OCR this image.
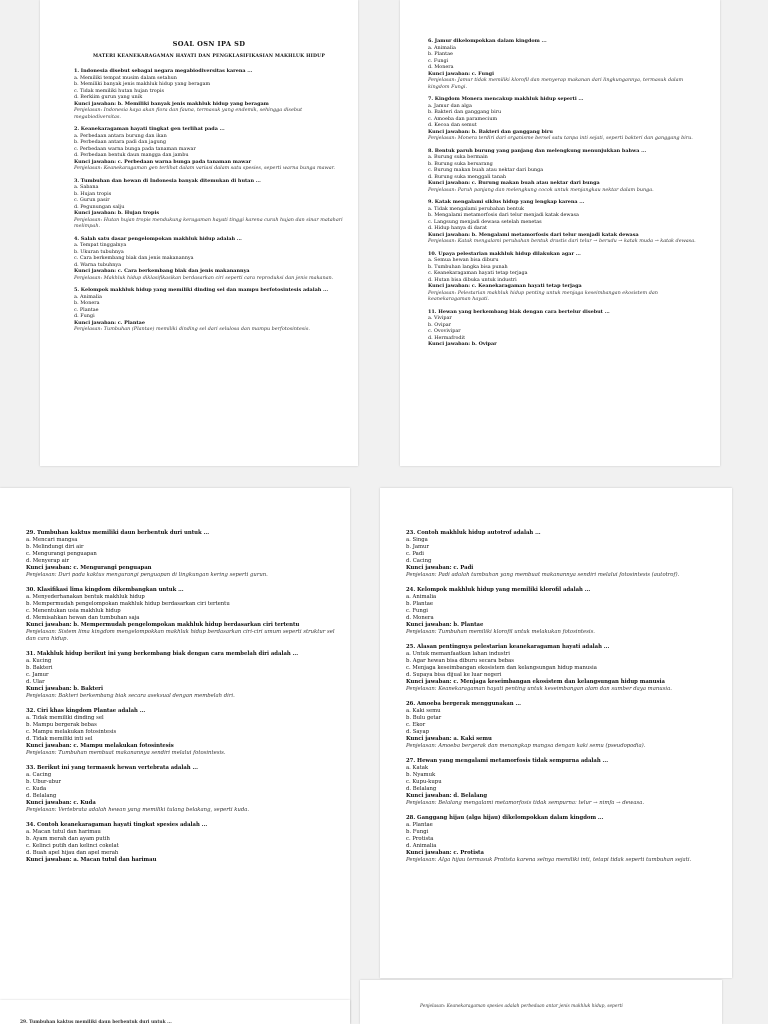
SOAL OSN IPA SD
MATERI KEANEKARAGAMAN HAYATI DAN PENGKLASIFIKASIAN MAKHLUK HIDUP
1. Indonesia disebut sebagai negara megabiodiversitas karena ...
a. Memiliki tempat musim dalam setahun
b. Memiliki banyak jenis makhluk hidup yang beragam
c. Tidak memiliki hutan hujan tropis
d. Berkiim gurun yang unik
Kunci jawaban: b. Memiliki banyak jenis makhluk hidup yang beragam
Penjelasan: Indonesia kaya akan flora dan fauna, termasuk yang endemik, sehingga disebut megabiodiversitas.
2. Keanekaragaman hayati tingkat gen terlihat pada ...
a. Perbedaan antara burung dan ikan
b. Perbedaan antara padi dan jagung
c. Perbedaan warna bunga pada tanaman mawar
d. Perbedaan bentuk daun mangga dan jambu
Kunci jawaban: c. Perbedaan warna bunga pada tanaman mawar
Penjelasan: Keanekaragaman gen terlihat dalam variasi dalam satu spesies, seperti warna bunga mawar.
3. Tumbuhan dan hewan di Indonesia banyak ditemukan di hutan ...
a. Sabana
b. Hujan tropis
c. Gurun pasir
d. Pegunungan salju
Kunci jawaban: b. Hujan tropis
Penjelasan: Hutan hujan tropis mendukung keragaman hayati tinggi karena curah hujan dan sinar matahari melimpah.
4. Salah satu dasar pengelompokan makhluk hidup adalah ...
a. Tempat tinggalnya
b. Ukuran tubuhnya
c. Cara berkembang biak dan jenis makanannya
d. Warna tubuhnya
Kunci jawaban: c. Cara berkembang biak dan jenis makanannya
Penjelasan: Makhluk hidup diklasifikasikan berdasarkan ciri seperti cara reproduksi dan jenis makanan.
5. Kelompok makhluk hidup yang memiliki dinding sel dan mampu berfotosintesis adalah ...
a. Animalia
b. Monera
c. Plantae
d. Fungi
Kunci jawaban: c. Plantae
Penjelasan: Tumbuhan (Plantae) memiliki dinding sel dari selulosa dan mampu berfotosintesis.
6. Jamur dikelompokkan dalam kingdom ...
a. Animalia
b. Plantae
c. Fungi
d. Monera
Kunci jawaban: c. Fungi
Penjelasan: Jamur tidak memiliki klorofil dan menyerap makanan dari lingkungannya, termasuk dalam kingdom Fungi.
7. Kingdom Monera mencakup makhluk hidup seperti ...
a. Jamur dan alga
b. Bakteri dan ganggang biru
c. Amoeba dan paramecium
d. Kecoa dan semut
Kunci jawaban: b. Bakteri dan ganggang biru
Penjelasan: Monera terdiri dari organisme bersel satu tanpa inti sejati, seperti bakteri dan ganggang biru.
8. Bentuk paruh burung yang panjang dan melengkung menunjukkan bahwa ...
a. Burung suka bermain
b. Burung suka bersarang
c. Burung makan buah atau nektar dari bunga
d. Burung suka menggali tanah
Kunci jawaban: c. Burung makan buah atau nektar dari bunga
Penjelasan: Paruh panjang dan melengkung cocok untuk menjangkau nektar dalam bunga.
9. Katak mengalami siklus hidup yang lengkap karena ...
a. Tidak mengalami perubahan bentuk
b. Mengalami metamorfosis dari telur menjadi katak dewasa
c. Langsung menjadi dewasa setelah menetas
d. Hidup hanya di darat
Kunci jawaban: b. Mengalami metamorfosis dari telur menjadi katak dewasa
Penjelasan: Katak mengalami perubahan bentuk drastis dari telur → berudu → katak muda → katak dewasa.
10. Upaya pelestarian makhluk hidup dilakukan agar ...
a. Semua hewan bisa diburu
b. Tumbuhan langka bisa punah
c. Keanekaragaman hayati tetap terjaga
d. Hutan bisa dibuka untuk industri
Kunci jawaban: c. Keanekaragaman hayati tetap terjaga
Penjelasan: Pelestarian makhluk hidup penting untuk menjaga keseimbangan ekosistem dan keanekaragaman hayati.
11. Hewan yang berkembang biak dengan cara bertelur disebut ...
a. Vivipar
b. Ovipar
c. Ovovivipar
d. Hermafrodit
Kunci jawaban: b. Ovipar
29. Tumbuhan kaktus memiliki daun berbentuk duri untuk ...
a. Mencari mangsa
b. Melindungi diri air
c. Mengurangi penguapan
d. Menyerap air
Kunci jawaban: c. Mengurangi penguapan
Penjelasan: Duri pada kaktus mengurangi penguapan di lingkungan kering seperti gurun.
30. Klasifikasi lima kingdom dikembangkan untuk ...
a. Menyederhanakan bentuk makhluk hidup
b. Mempermudah pengelompokan makhluk hidup berdasarkan ciri tertentu
c. Menentukan usia makhluk hidup
d. Memisahkan hewan dan tumbuhan saja
Kunci jawaban: b. Mempermudah pengelompokan makhluk hidup berdasarkan ciri tertentu
Penjelasan: Sistem lima kingdom mengelompokkan makhluk hidup berdasarkan ciri-ciri umum seperti struktur sel dan cara hidup.
31. Makhluk hidup berikut ini yang berkembang biak dengan cara membelah diri adalah ...
a. Kucing
b. Bakteri
c. Jamur
d. Ular
Kunci jawaban: b. Bakteri
Penjelasan: Bakteri berkembang biak secara aseksual dengan membelah diri.
32. Ciri khas kingdom Plantae adalah ...
a. Tidak memiliki dinding sel
b. Mampu bergerak bebas
c. Mampu melakukan fotosintesis
d. Tidak memiliki inti sel
Kunci jawaban: c. Mampu melakukan fotosintesis
Penjelasan: Tumbuhan membuat makanannya sendiri melalui fotosintesis.
33. Berikut ini yang termasuk hewan vertebrata adalah ...
a. Cacing
b. Ubur-ubur
c. Kuda
d. Belalang
Kunci jawaban: c. Kuda
Penjelasan: Vertebrata adalah hewan yang memiliki tulang belakang, seperti kuda.
34. Contoh keanekaragaman hayati tingkat spesies adalah ...
a. Macan tutul dan harimau
b. Ayam merah dan ayam putih
c. Kelinci putih dan kelinci cokelat
d. Buah apel hijau dan apel merah
Kunci jawaban: a. Macan tutul dan harimau
23. Contoh makhluk hidup autotrof adalah ...
a. Singa
b. Jamur
c. Padi
d. Cacing
Kunci jawaban: c. Padi
Penjelasan: Padi adalah tumbuhan yang membuat makanannya sendiri melalui fotosintesis (autotrof).
24. Kelompok makhluk hidup yang memiliki klorofil adalah ...
a. Animalia
b. Plantae
c. Fungi
d. Monera
Kunci jawaban: b. Plantae
Penjelasan: Tumbuhan memiliki klorofil untuk melakukan fotosintesis.
25. Alasan pentingnya pelestarian keanekaragaman hayati adalah ...
a. Untuk memanfaatkan lahan industri
b. Agar hewan bisa diburu secara bebas
c. Menjaga keseimbangan ekosistem dan kelangsungan hidup manusia
d. Supaya bisa dijual ke luar negeri
Kunci jawaban: c. Menjaga keseimbangan ekosistem dan kelangsungan hidup manusia
Penjelasan: Keanekaragaman hayati penting untuk keseimbangan alam dan sumber daya manusia.
26. Amoeba bergerak menggunakan ...
a. Kaki semu
b. Bulu getar
c. Ekor
d. Sayap
Kunci jawaban: a. Kaki semu
Penjelasan: Amoeba bergerak dan menangkap mangsa dengan kaki semu (pseudopodia).
27. Hewan yang mengalami metamorfosis tidak sempurna adalah ...
a. Katak
b. Nyamuk
c. Kupu-kupu
d. Belalang
Kunci jawaban: d. Belalang
Penjelasan: Belalang mengalami metamorfosis tidak sempurna: telur → nimfa → dewasa.
28. Ganggang hijau (alga hijau) dikelompokkan dalam kingdom ...
a. Plantae
b. Fungi
c. Protista
d. Animalia
Kunci jawaban: c. Protista
Penjelasan: Alga hijau termasuk Protista karena selnya memiliki inti, tetapi tidak seperti tumbuhan sejati.
29. Tumbuhan kaktus memiliki daun berbentuk duri untuk ...
Penjelasan: Keanekaragaman spesies adalah perbedaan antar jenis makhluk hidup, seperti
